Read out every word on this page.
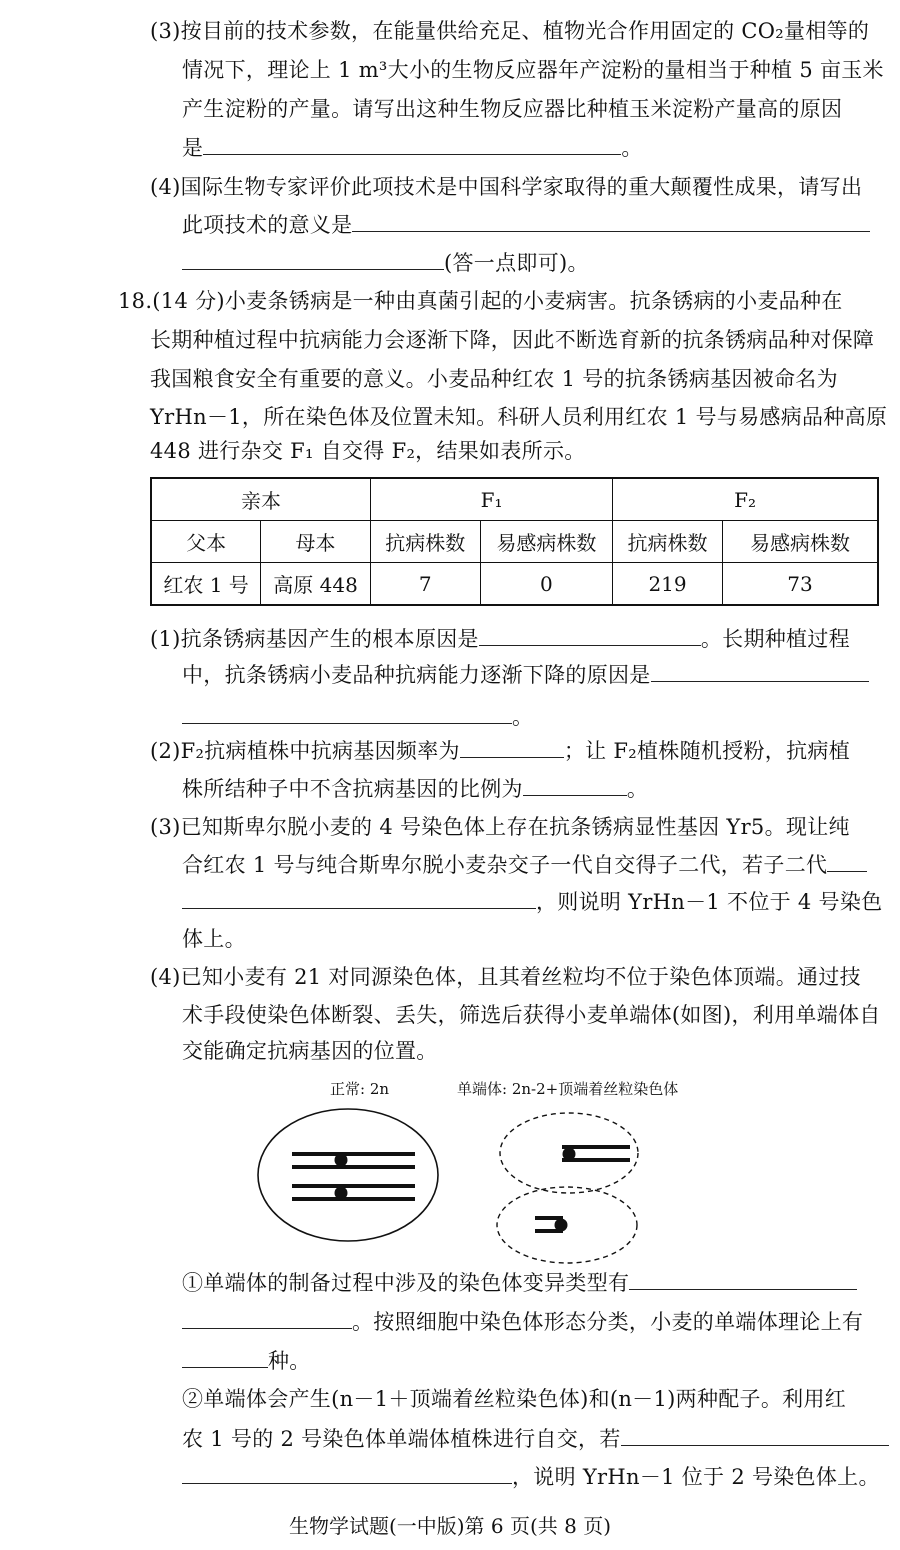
(3)按目前的技术参数，在能量供给充足、植物光合作用固定的 CO₂量相等的
情况下，理论上 1 m³大小的生物反应器年产淀粉的量相当于种植 5 亩玉米
产生淀粉的产量。请写出这种生物反应器比种植玉米淀粉产量高的原因
是	。
(4)国际生物专家评价此项技术是中国科学家取得的重大颠覆性成果，请写出
此项技术的意义是
(答一点即可)。
18.(14 分)小麦条锈病是一种由真菌引起的小麦病害。抗条锈病的小麦品种在
长期种植过程中抗病能力会逐渐下降，因此不断选育新的抗条锈病品种对保障
我国粮食安全有重要的意义。小麦品种红农 1 号的抗条锈病基因被命名为
YrHn－1，所在染色体及位置未知。科研人员利用红农 1 号与易感病品种高原
448 进行杂交 F₁ 自交得 F₂，结果如表所示。
亲本		F₁		F₂	
父本	母本	抗病株数	易感病株数	抗病株数	易感病株数
红农 1 号	高原 448	7	0	219	73
(1)抗条锈病基因产生的根本原因是	。长期种植过程
中，抗条锈病小麦品种抗病能力逐渐下降的原因是
。
(2)F₂抗病植株中抗病基因频率为	；让 F₂植株随机授粉，抗病植
株所结种子中不含抗病基因的比例为	。
(3)已知斯卑尔脱小麦的 4 号染色体上存在抗条锈病显性基因 Yr5。现让纯
合红农 1 号与纯合斯卑尔脱小麦杂交子一代自交得子二代，若子二代
，则说明 YrHn－1 不位于 4 号染色
体上。
(4)已知小麦有 21 对同源染色体，且其着丝粒均不位于染色体顶端。通过技
术手段使染色体断裂、丢失，筛选后获得小麦单端体(如图)，利用单端体自
交能确定抗病基因的位置。
正常: 2n	单端体: 2n-2+顶端着丝粒染色体
①单端体的制备过程中涉及的染色体变异类型有
。按照细胞中染色体形态分类，小麦的单端体理论上有
种。
②单端体会产生(n－1＋顶端着丝粒染色体)和(n－1)两种配子。利用红
农 1 号的 2 号染色体单端体植株进行自交，若
，说明 YrHn－1 位于 2 号染色体上。
生物学试题(一中版)第 6 页(共 8 页)
